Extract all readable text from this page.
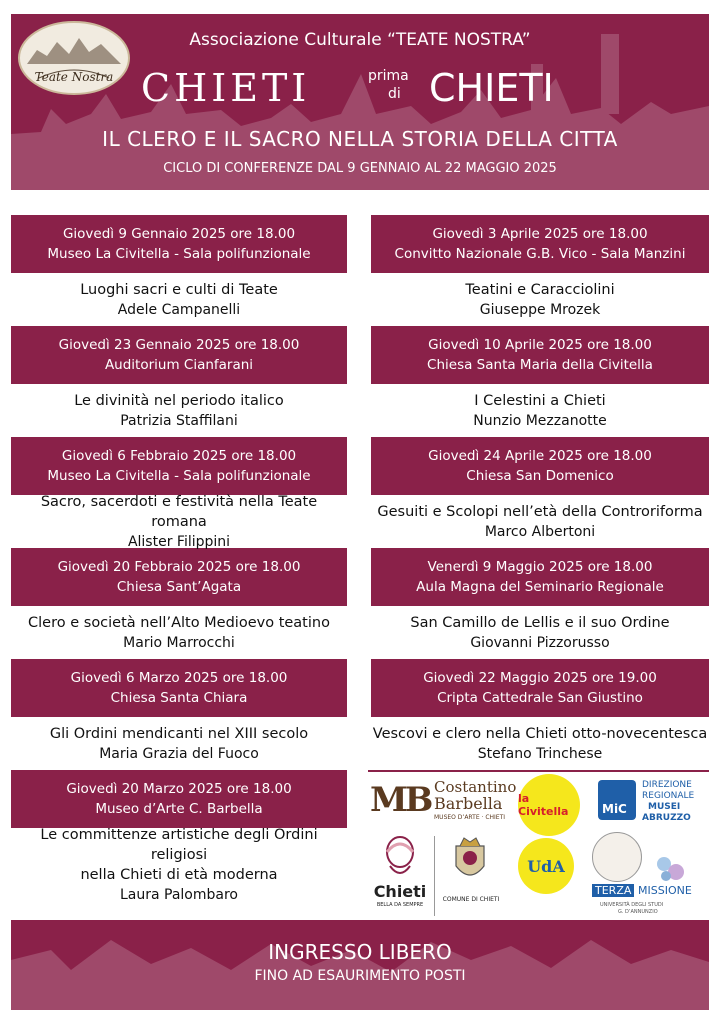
Teate Nostra
Associazione Culturale “TEATE NOSTRA”
CHIETI	prima
di CHIETI
IL CLERO E IL SACRO NELLA STORIA DELLA CITTA
CICLO DI CONFERENZE DAL 9 GENNAIO AL 22 MAGGIO 2025
Giovedì 9 Gennaio 2025 ore 18.00
Museo La Civitella - Sala polifunzionale
Luoghi sacri e culti di Teate
Adele Campanelli
Giovedì 23 Gennaio 2025 ore 18.00
Auditorium Cianfarani
Le divinità nel periodo italico
Patrizia Staffilani
Giovedì 6 Febbraio 2025 ore 18.00
Museo La Civitella - Sala polifunzionale
Sacro, sacerdoti e festività nella Teate romana
Alister Filippini
Giovedì 20 Febbraio 2025 ore 18.00
Chiesa Sant’Agata
Clero e società nell’Alto Medioevo teatino
Mario Marrocchi
Giovedì 6 Marzo 2025 ore 18.00
Chiesa Santa Chiara
Gli Ordini mendicanti nel XIII secolo
Maria Grazia del Fuoco
Giovedì 20 Marzo 2025 ore 18.00
Museo d’Arte C. Barbella
Le committenze artistiche degli Ordini religiosi
nella Chieti di età moderna
Laura Palombaro
Giovedì 3 Aprile 2025 ore 18.00
Convitto Nazionale G.B. Vico - Sala Manzini
Teatini e Caracciolini
Giuseppe Mrozek
Giovedì 10 Aprile 2025 ore 18.00
Chiesa Santa Maria della Civitella
I Celestini a Chieti
Nunzio Mezzanotte
Giovedì 24 Aprile 2025 ore 18.00
Chiesa San Domenico
Gesuiti e Scolopi nell’età della Controriforma
Marco Albertoni
Venerdì 9 Maggio 2025 ore 18.00
Aula Magna del Seminario Regionale
San Camillo de Lellis e il suo Ordine
Giovanni Pizzorusso
Giovedì 22 Maggio 2025 ore 19.00
Cripta Cattedrale San Giustino
Vescovi e clero nella Chieti otto-novecentesca
Stefano Trinchese
MB Costantino
Barbella
MUSEO D’ARTE · CHIETI
la Civitella	MiC
DIREZIONE
REGIONALE
MUSEI
ABRUZZO
Chieti
BELLA DA SEMPRE
COMUNE DI CHIETI
UdA
TERZA MISSIONE
UNIVERSITÀ DEGLI STUDI
G. D’ANNUNZIO
INGRESSO LIBERO
FINO AD ESAURIMENTO POSTI
